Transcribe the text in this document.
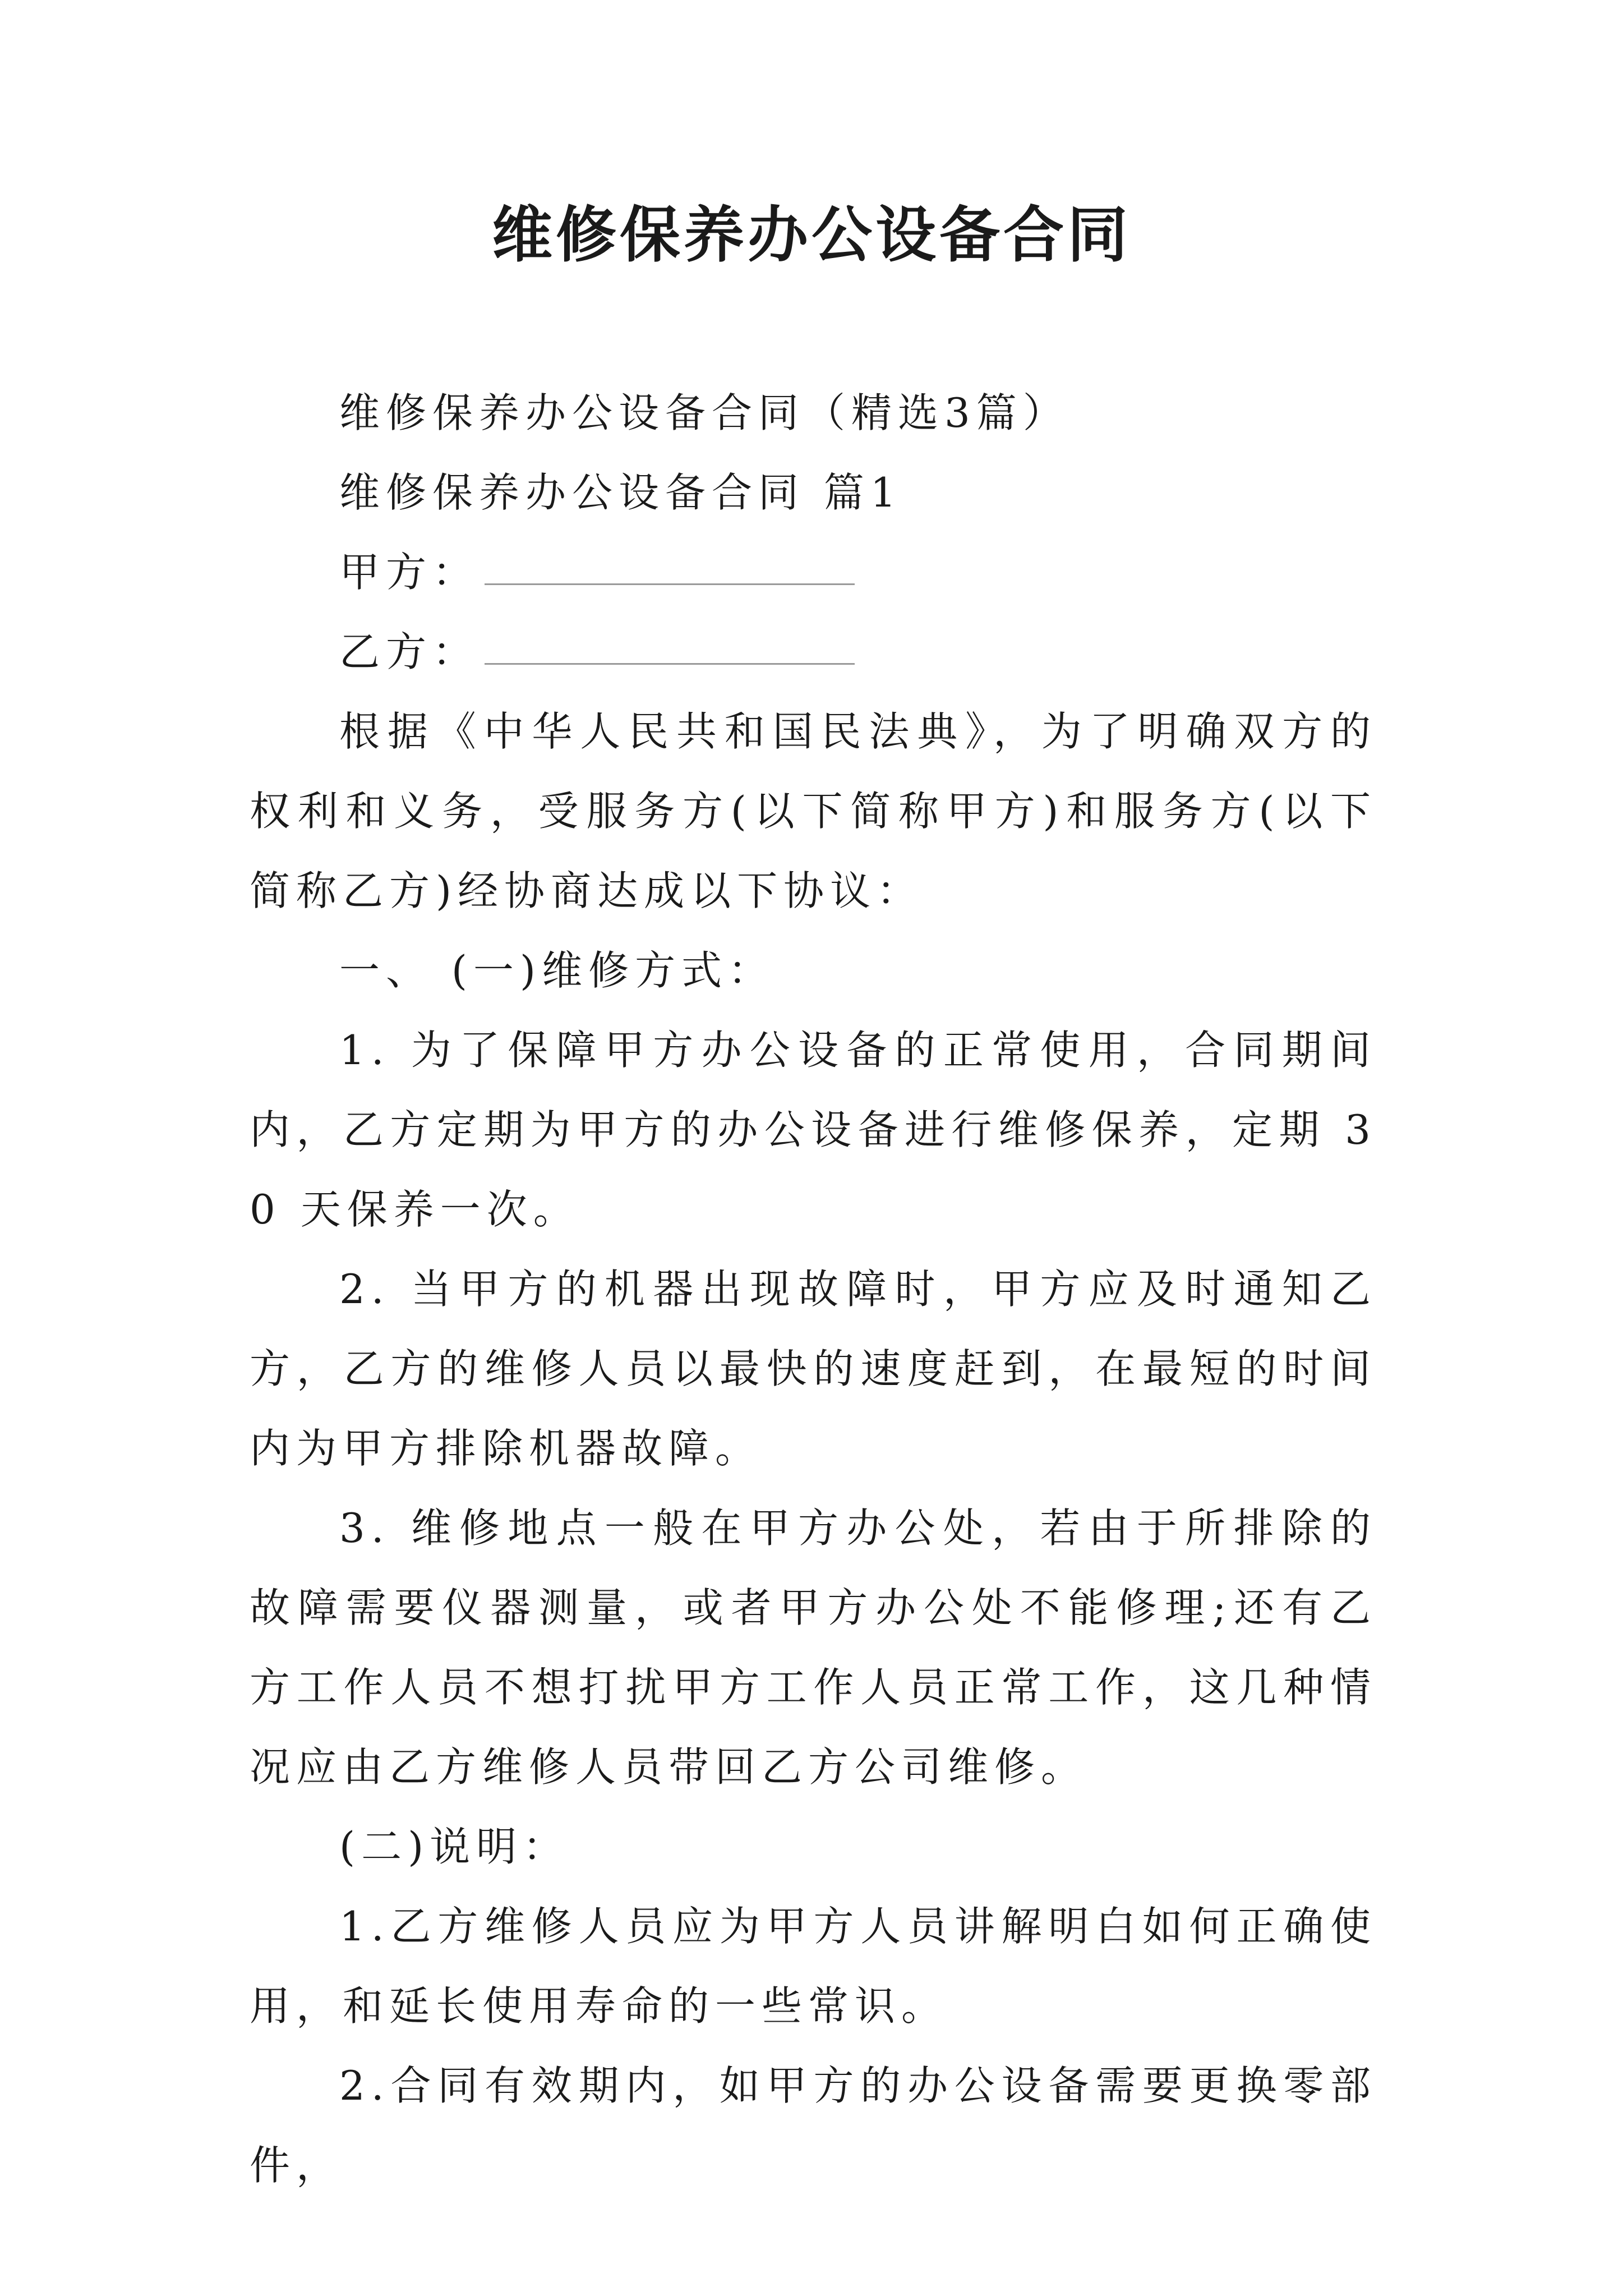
维修保养办公设备合同

维修保养办公设备合同（精选3篇）

维修保养办公设备合同 篇1

甲方：

乙方：

根据《中华人民共和国民法典》，为了明确双方的权利和义务，受服务方(以下简称甲方)和服务方(以下简称乙方)经协商达成以下协议：

一、 (一)维修方式：

1. 为了保障甲方办公设备的正常使用，合同期间内，乙方定期为甲方的办公设备进行维修保养，定期 30 天保养一次。

2. 当甲方的机器出现故障时，甲方应及时通知乙方，乙方的维修人员以最快的速度赶到，在最短的时间内为甲方排除机器故障。

3. 维修地点一般在甲方办公处，若由于所排除的故障需要仪器测量，或者甲方办公处不能修理;还有乙方工作人员不想打扰甲方工作人员正常工作，这几种情况应由乙方维修人员带回乙方公司维修。

(二)说明：

1.乙方维修人员应为甲方人员讲解明白如何正确使用，和延长使用寿命的一些常识。

2.合同有效期内，如甲方的办公设备需要更换零部件，
